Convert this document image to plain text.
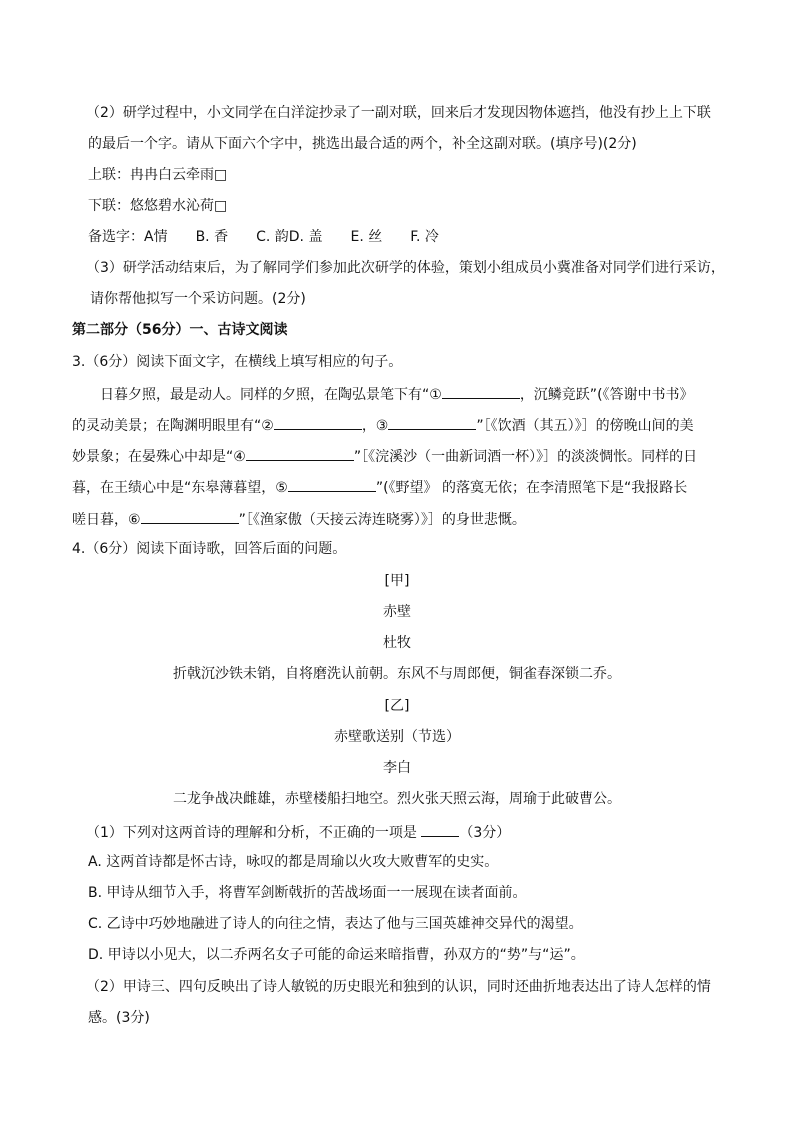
（2）研学过程中，小文同学在白洋淀抄录了一副对联，回来后才发现因物体遮挡，他没有抄上上下联
的最后一个字。请从下面六个字中，挑选出最合适的两个，补全这副对联。(填序号)(2分)
上联：冉冉白云牵雨□
下联：悠悠碧水沁荷□
备选字：A情 B. 香 C. 韵D. 盖 E. 丝 F. 冷
（3）研学活动结束后，为了解同学们参加此次研学的体验，策划小组成员小冀准备对同学们进行采访，
请你帮他拟写一个采访问题。(2分)
第二部分（56分）一、古诗文阅读
3.（6分）阅读下面文字，在横线上填写相应的句子。
日暮夕照，最是动人。同样的夕照，在陶弘景笔下有“①	，沉鳞竞跃”(《答谢中书书》
的灵动美景；在陶渊明眼里有“②	，③	”［《饮酒（其五）》］的傍晚山间的美
妙景象；在晏殊心中却是“④	”［《浣溪沙（一曲新词酒一杯）》］的淡淡惆怅。同样的日
暮，在王绩心中是“东皋薄暮望，⑤	”(《野望》 的落寞无依；在李清照笔下是“我报路长
嗟日暮，⑥	”［《渔家傲（天接云涛连晓雾）》］的身世悲慨。
4.（6分）阅读下面诗歌，回答后面的问题。
[甲]
赤壁
杜牧
折戟沉沙铁未销，自将磨洗认前朝。东风不与周郎便，铜雀春深锁二乔。
[乙]
赤壁歌送别（节选）
李白
二龙争战决雌雄，赤壁楼船扫地空。烈火张天照云海，周瑜于此破曹公。
（1）下列对这两首诗的理解和分析，不正确的一项是	（3分）
A. 这两首诗都是怀古诗，咏叹的都是周瑜以火攻大败曹军的史实。
B. 甲诗从细节入手，将曹军剑断戟折的苦战场面一一展现在读者面前。
C. 乙诗中巧妙地融进了诗人的向往之情，表达了他与三国英雄神交异代的渴望。
D. 甲诗以小见大，以二乔两名女子可能的命运来暗指曹，孙双方的“势”与“运”。
（2）甲诗三、四句反映出了诗人敏锐的历史眼光和独到的认识，同时还曲折地表达出了诗人怎样的情
感。(3分)
